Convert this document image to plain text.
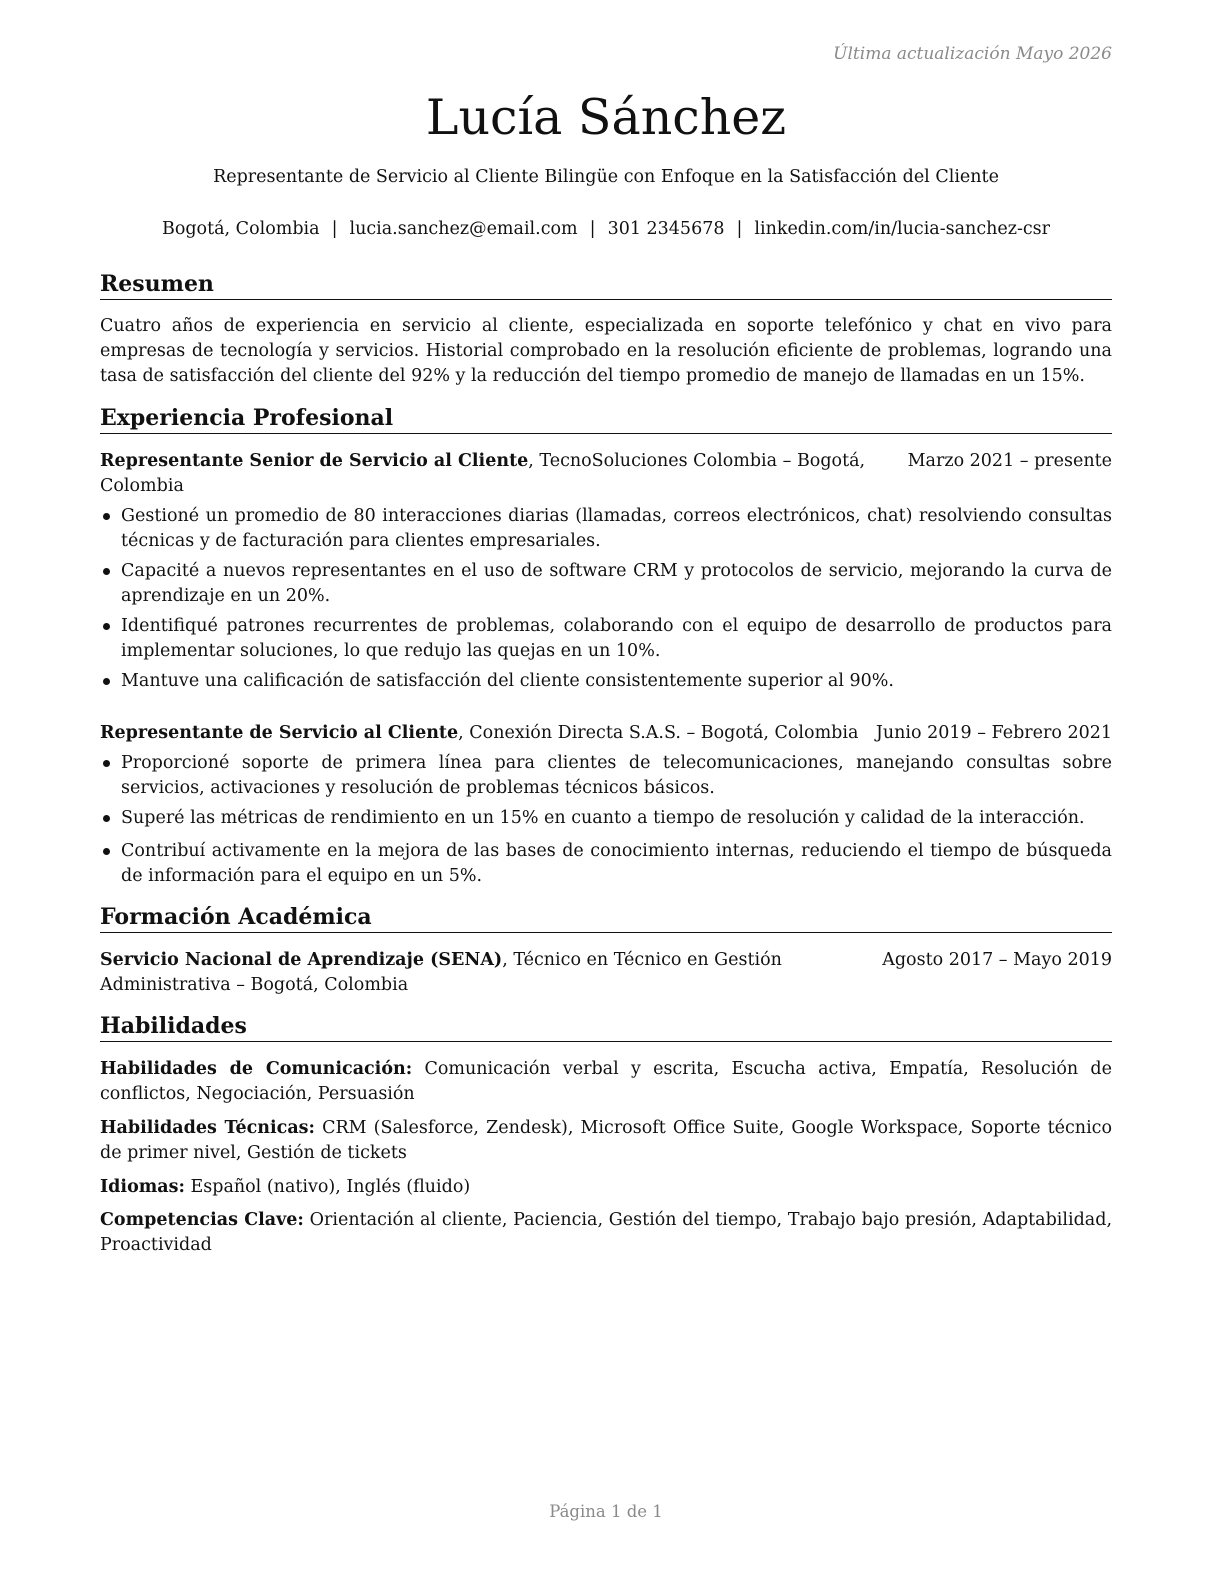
Última actualización Mayo 2026
Lucía Sánchez
Representante de Servicio al Cliente Bilingüe con Enfoque en la Satisfacción del Cliente
Bogotá, Colombia | lucia.sanchez@email.com | 301 2345678 | linkedin.com/in/lucia-sanchez-csr
Resumen

Cuatro años de experiencia en servicio al cliente, especializada en soporte telefónico y chat en vivo para empresas de tecnología y servicios. Historial comprobado en la resolución eficiente de problemas, logrando una tasa de satisfacción del cliente del 92% y la reducción del tiempo promedio de manejo de llamadas en un 15%.

Experiencia Profesional
Marzo 2021 – presente
Representante Senior de Servicio al Cliente, TecnoSoluciones Colombia – Bogotá, Colombia
Gestioné un promedio de 80 interacciones diarias (llamadas, correos electrónicos, chat) resolviendo consultas técnicas y de facturación para clientes empresariales.
Capacité a nuevos representantes en el uso de software CRM y protocolos de servicio, mejorando la curva de aprendizaje en un 20%.
Identifiqué patrones recurrentes de problemas, colaborando con el equipo de desarrollo de productos para implementar soluciones, lo que redujo las quejas en un 10%.
Mantuve una calificación de satisfacción del cliente consistentemente superior al 90%.
Junio 2019 – Febrero 2021
Representante de Servicio al Cliente, Conexión Directa S.A.S. – Bogotá, Colombia
Proporcioné soporte de primera línea para clientes de telecomunicaciones, manejando consultas sobre servicios, activaciones y resolución de problemas técnicos básicos.
Superé las métricas de rendimiento en un 15% en cuanto a tiempo de resolución y calidad de la interacción.
Contribuí activamente en la mejora de las bases de conocimiento internas, reduciendo el tiempo de búsqueda de información para el equipo en un 5%.
Formación Académica
Agosto 2017 – Mayo 2019
Servicio Nacional de Aprendizaje (SENA), Técnico en Técnico en Gestión Administrativa – Bogotá, Colombia
Habilidades
Habilidades de Comunicación: Comunicación verbal y escrita, Escucha activa, Empatía, Resolución de conflictos, Negociación, Persuasión
Habilidades Técnicas: CRM (Salesforce, Zendesk), Microsoft Office Suite, Google Workspace, Soporte técnico de primer nivel, Gestión de tickets
Idiomas: Español (nativo), Inglés (fluido)
Competencias Clave: Orientación al cliente, Paciencia, Gestión del tiempo, Trabajo bajo presión, Adaptabilidad, Proactividad
Página 1 de 1
